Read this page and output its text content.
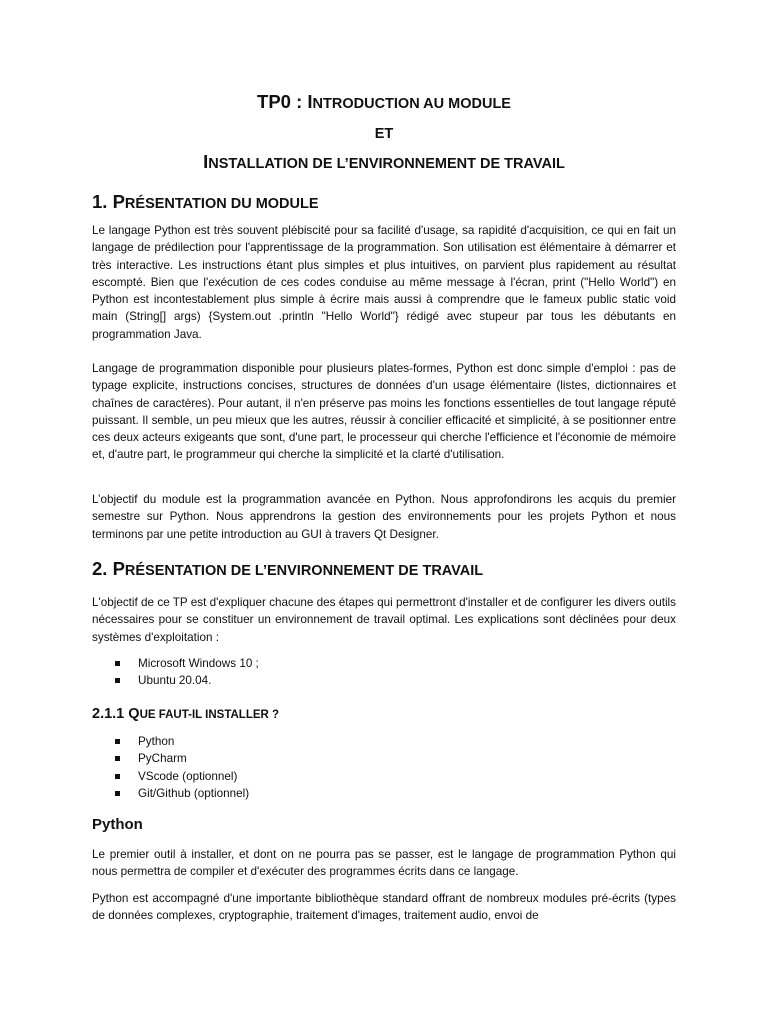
TP0 : INTRODUCTION AU MODULE
ET
INSTALLATION DE L’ENVIRONNEMENT DE TRAVAIL
1. PRÉSENTATION DU MODULE

Le langage Python est très souvent plébiscité pour sa facilité d'usage, sa rapidité d'acquisition, ce qui en fait un langage de prédilection pour l'apprentissage de la programmation. Son utilisation est élémentaire à démarrer et très interactive. Les instructions étant plus simples et plus intuitives, on parvient plus rapidement au résultat escompté. Bien que l'exécution de ces codes conduise au même message à l'écran, print ("Hello World") en Python est incontestablement plus simple à écrire mais aussi à comprendre que le fameux public static void main (String[] args) {System.out .println "Hello World"} rédigé avec stupeur par tous les débutants en programmation Java.

Langage de programmation disponible pour plusieurs plates-formes, Python est donc simple d'emploi : pas de typage explicite, instructions concises, structures de données d'un usage élémentaire (listes, dictionnaires et chaînes de caractères). Pour autant, il n'en préserve pas moins les fonctions essentielles de tout langage réputé puissant. Il semble, un peu mieux que les autres, réussir à concilier efficacité et simplicité, à se positionner entre ces deux acteurs exigeants que sont, d'une part, le processeur qui cherche l'efficience et l'économie de mémoire et, d'autre part, le programmeur qui cherche la simplicité et la clarté d'utilisation.

L’objectif du module est la programmation avancée en Python. Nous approfondirons les acquis du premier semestre sur Python. Nous apprendrons la gestion des environnements pour les projets Python et nous terminons par une petite introduction au GUI à travers Qt Designer.

2. PRÉSENTATION DE L’ENVIRONNEMENT DE TRAVAIL

L'objectif de ce TP est d'expliquer chacune des étapes qui permettront d'installer et de configurer les divers outils nécessaires pour se constituer un environnement de travail optimal. Les explications sont déclinées pour deux systèmes d'exploitation :

Microsoft Windows 10 ;
Ubuntu 20.04.
2.1.1 QUE FAUT-IL INSTALLER ?
Python
PyCharm
VScode (optionnel)
Git/Github (optionnel)
Python

Le premier outil à installer, et dont on ne pourra pas se passer, est le langage de programmation Python qui nous permettra de compiler et d'exécuter des programmes écrits dans ce langage.

Python est accompagné d'une importante bibliothèque standard offrant de nombreux modules pré-écrits (types de données complexes, cryptographie, traitement d'images, traitement audio, envoi de
